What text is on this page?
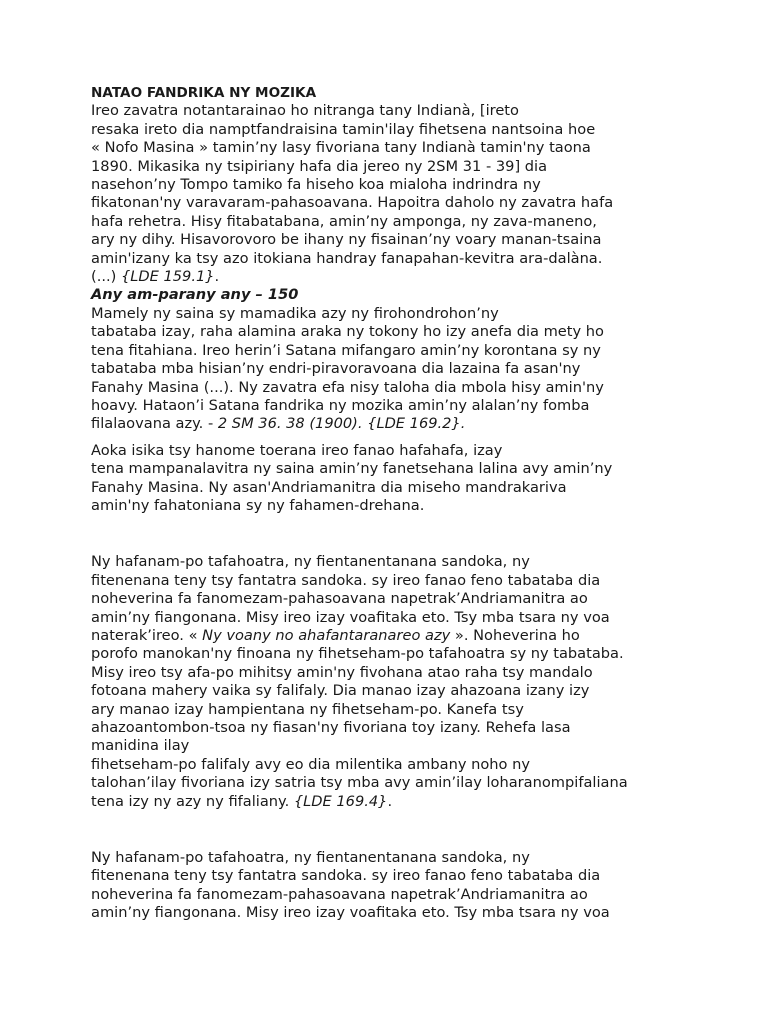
NATAO FANDRIKA NY MOZIKA
Ireo zavatra notantarainao ho nitranga tany Indianà, [ireto
resaka ireto dia namptfandraisina tamin'ilay fihetsena nantsoina hoe
« Nofo Masina » tamin’ny lasy fivoriana tany Indianà tamin'ny taona
1890. Mikasika ny tsipiriany hafa dia jereo ny 2SM 31 - 39] dia
nasehon’ny Tompo tamiko fa hiseho koa mialoha indrindra ny
fikatonan'ny varavaram-pahasoavana. Hapoitra daholo ny zavatra hafa
hafa rehetra. Hisy fitabatabana, amin’ny amponga, ny zava-maneno,
ary ny dihy. Hisavorovoro be ihany ny fisainan’ny voary manan-tsaina
amin'izany ka tsy azo itokiana handray fanapahan-kevitra ara-dalàna.
(...) {LDE 159.1}.
Any am-parany any – 150
Mamely ny saina sy mamadika azy ny firohondrohon’ny
tabataba izay, raha alamina araka ny tokony ho izy anefa dia mety ho
tena fitahiana. Ireo herin’i Satana mifangaro amin’ny korontana sy ny
tabataba mba hisian’ny endri-piravoravoana dia lazaina fa asan'ny
Fanahy Masina (...). Ny zavatra efa nisy taloha dia mbola hisy amin'ny
hoavy. Hataon’i Satana fandrika ny mozika amin’ny alalan’ny fomba
filalaovana azy. - 2 SM 36. 38 (1900). {LDE 169.2}.
Aoka isika tsy hanome toerana ireo fanao hafahafa, izay
tena mampanalavitra ny saina amin’ny fanetsehana lalina avy amin’ny
Fanahy Masina. Ny asan'Andriamanitra dia miseho mandrakariva
amin'ny fahatoniana sy ny fahamen-drehana.
Ny hafanam-po tafahoatra, ny fientanentanana sandoka, ny
fitenenana teny tsy fantatra sandoka. sy ireo fanao feno tabataba dia
noheverina fa fanomezam-pahasoavana napetrak’Andriamanitra ao
amin’ny fiangonana. Misy ireo izay voafitaka eto. Tsy mba tsara ny voa
naterak’ireo. « Ny voany no ahafantaranareo azy ». Noheverina ho
porofo manokan'ny finoana ny fihetseham-po tafahoatra sy ny tabataba.
Misy ireo tsy afa-po mihitsy amin'ny fivohana atao raha tsy mandalo
fotoana mahery vaika sy falifaly. Dia manao izay ahazoana izany izy
ary manao izay hampientana ny fihetseham-po. Kanefa tsy
ahazoantombon-tsoa ny fiasan'ny fivoriana toy izany. Rehefa lasa
manidina ilay
fihetseham-po falifaly avy eo dia milentika ambany noho ny
talohan’ilay fivoriana izy satria tsy mba avy amin’ilay loharanompifaliana
tena izy ny azy ny fifaliany. {LDE 169.4}.
Ny hafanam-po tafahoatra, ny fientanentanana sandoka, ny
fitenenana teny tsy fantatra sandoka. sy ireo fanao feno tabataba dia
noheverina fa fanomezam-pahasoavana napetrak’Andriamanitra ao
amin’ny fiangonana. Misy ireo izay voafitaka eto. Tsy mba tsara ny voa
